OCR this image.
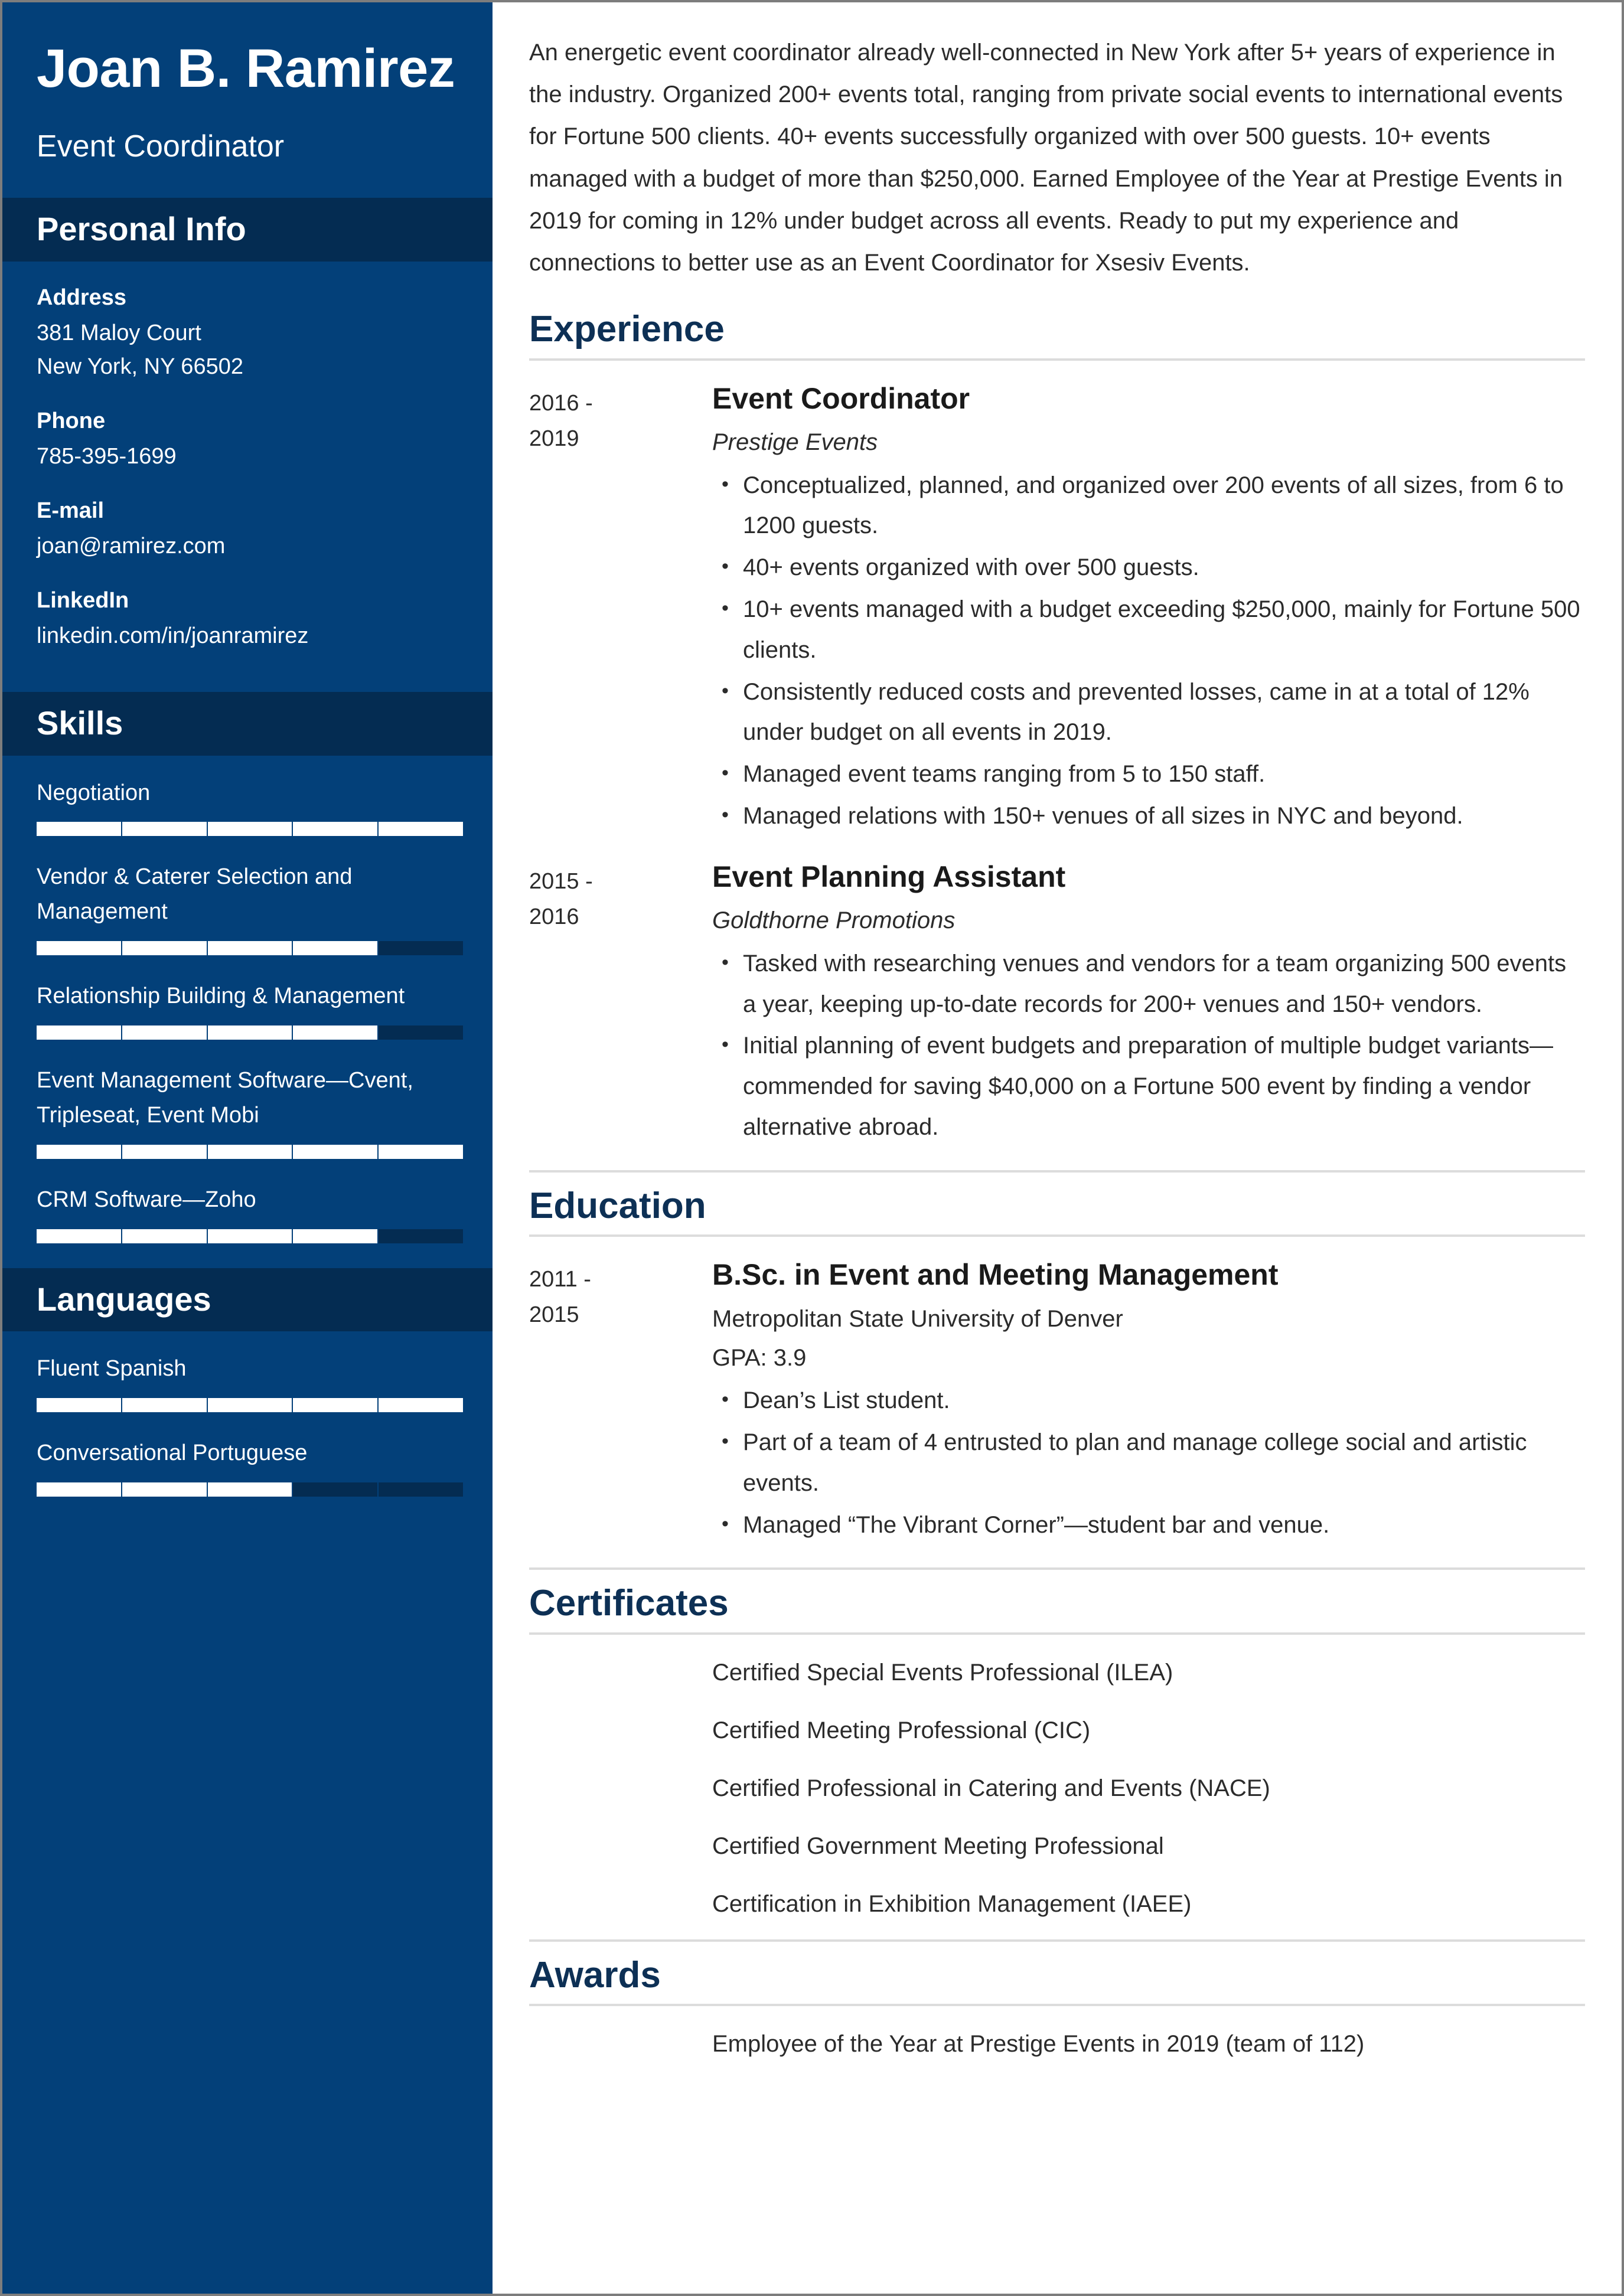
Joan B. Ramirez

Event Coordinator

Personal Info

Address

381 Maloy Court

New York, NY 66502

Phone

785-395-1699

E-mail

joan@ramirez.com

LinkedIn

linkedin.com/in/joanramirez

Skills

Negotiation

Vendor & Caterer Selection and Management

Relationship Building & Management

Event Management Software—Cvent, Tripleseat, Event Mobi

CRM Software—Zoho

Languages

Fluent Spanish

Conversational Portuguese

An energetic event coordinator already well-connected in New York after 5+ years of experience in the industry. Organized 200+ events total, ranging from private social events to international events for Fortune 500 clients. 40+ events successfully organized with over 500 guests. 10+ events managed with a budget of more than $250,000. Earned Employee of the Year at Prestige Events in 2019 for coming in 12% under budget across all events. Ready to put my experience and connections to better use as an Event Coordinator for Xsesiv Events.

Experience
2016 -
2019
Event Coordinator
Prestige Events
• Conceptualized, planned, and organized over 200 events of all sizes, from 6 to 1200 guests.
• 40+ events organized with over 500 guests.
• 10+ events managed with a budget exceeding $250,000, mainly for Fortune 500 clients.
• Consistently reduced costs and prevented losses, came in at a total of 12% under budget on all events in 2019.
• Managed event teams ranging from 5 to 150 staff.
• Managed relations with 150+ venues of all sizes in NYC and beyond.
2015 -
2016
Event Planning Assistant
Goldthorne Promotions
• Tasked with researching venues and vendors for a team organizing 500 events a year, keeping up-to-date records for 200+ venues and 150+ vendors.
• Initial planning of event budgets and preparation of multiple budget variants—commended for saving $40,000 on a Fortune 500 event by finding a vendor alternative abroad.
Education
2011 -
2015
B.Sc. in Event and Meeting Management
Metropolitan State University of Denver
GPA: 3.9
• Dean’s List student.
• Part of a team of 4 entrusted to plan and manage college social and artistic events.
• Managed “The Vibrant Corner”—student bar and venue.
Certificates
Certified Special Events Professional (ILEA)
Certified Meeting Professional (CIC)
Certified Professional in Catering and Events (NACE)
Certified Government Meeting Professional
Certification in Exhibition Management (IAEE)
Awards
Employee of the Year at Prestige Events in 2019 (team of 112)
